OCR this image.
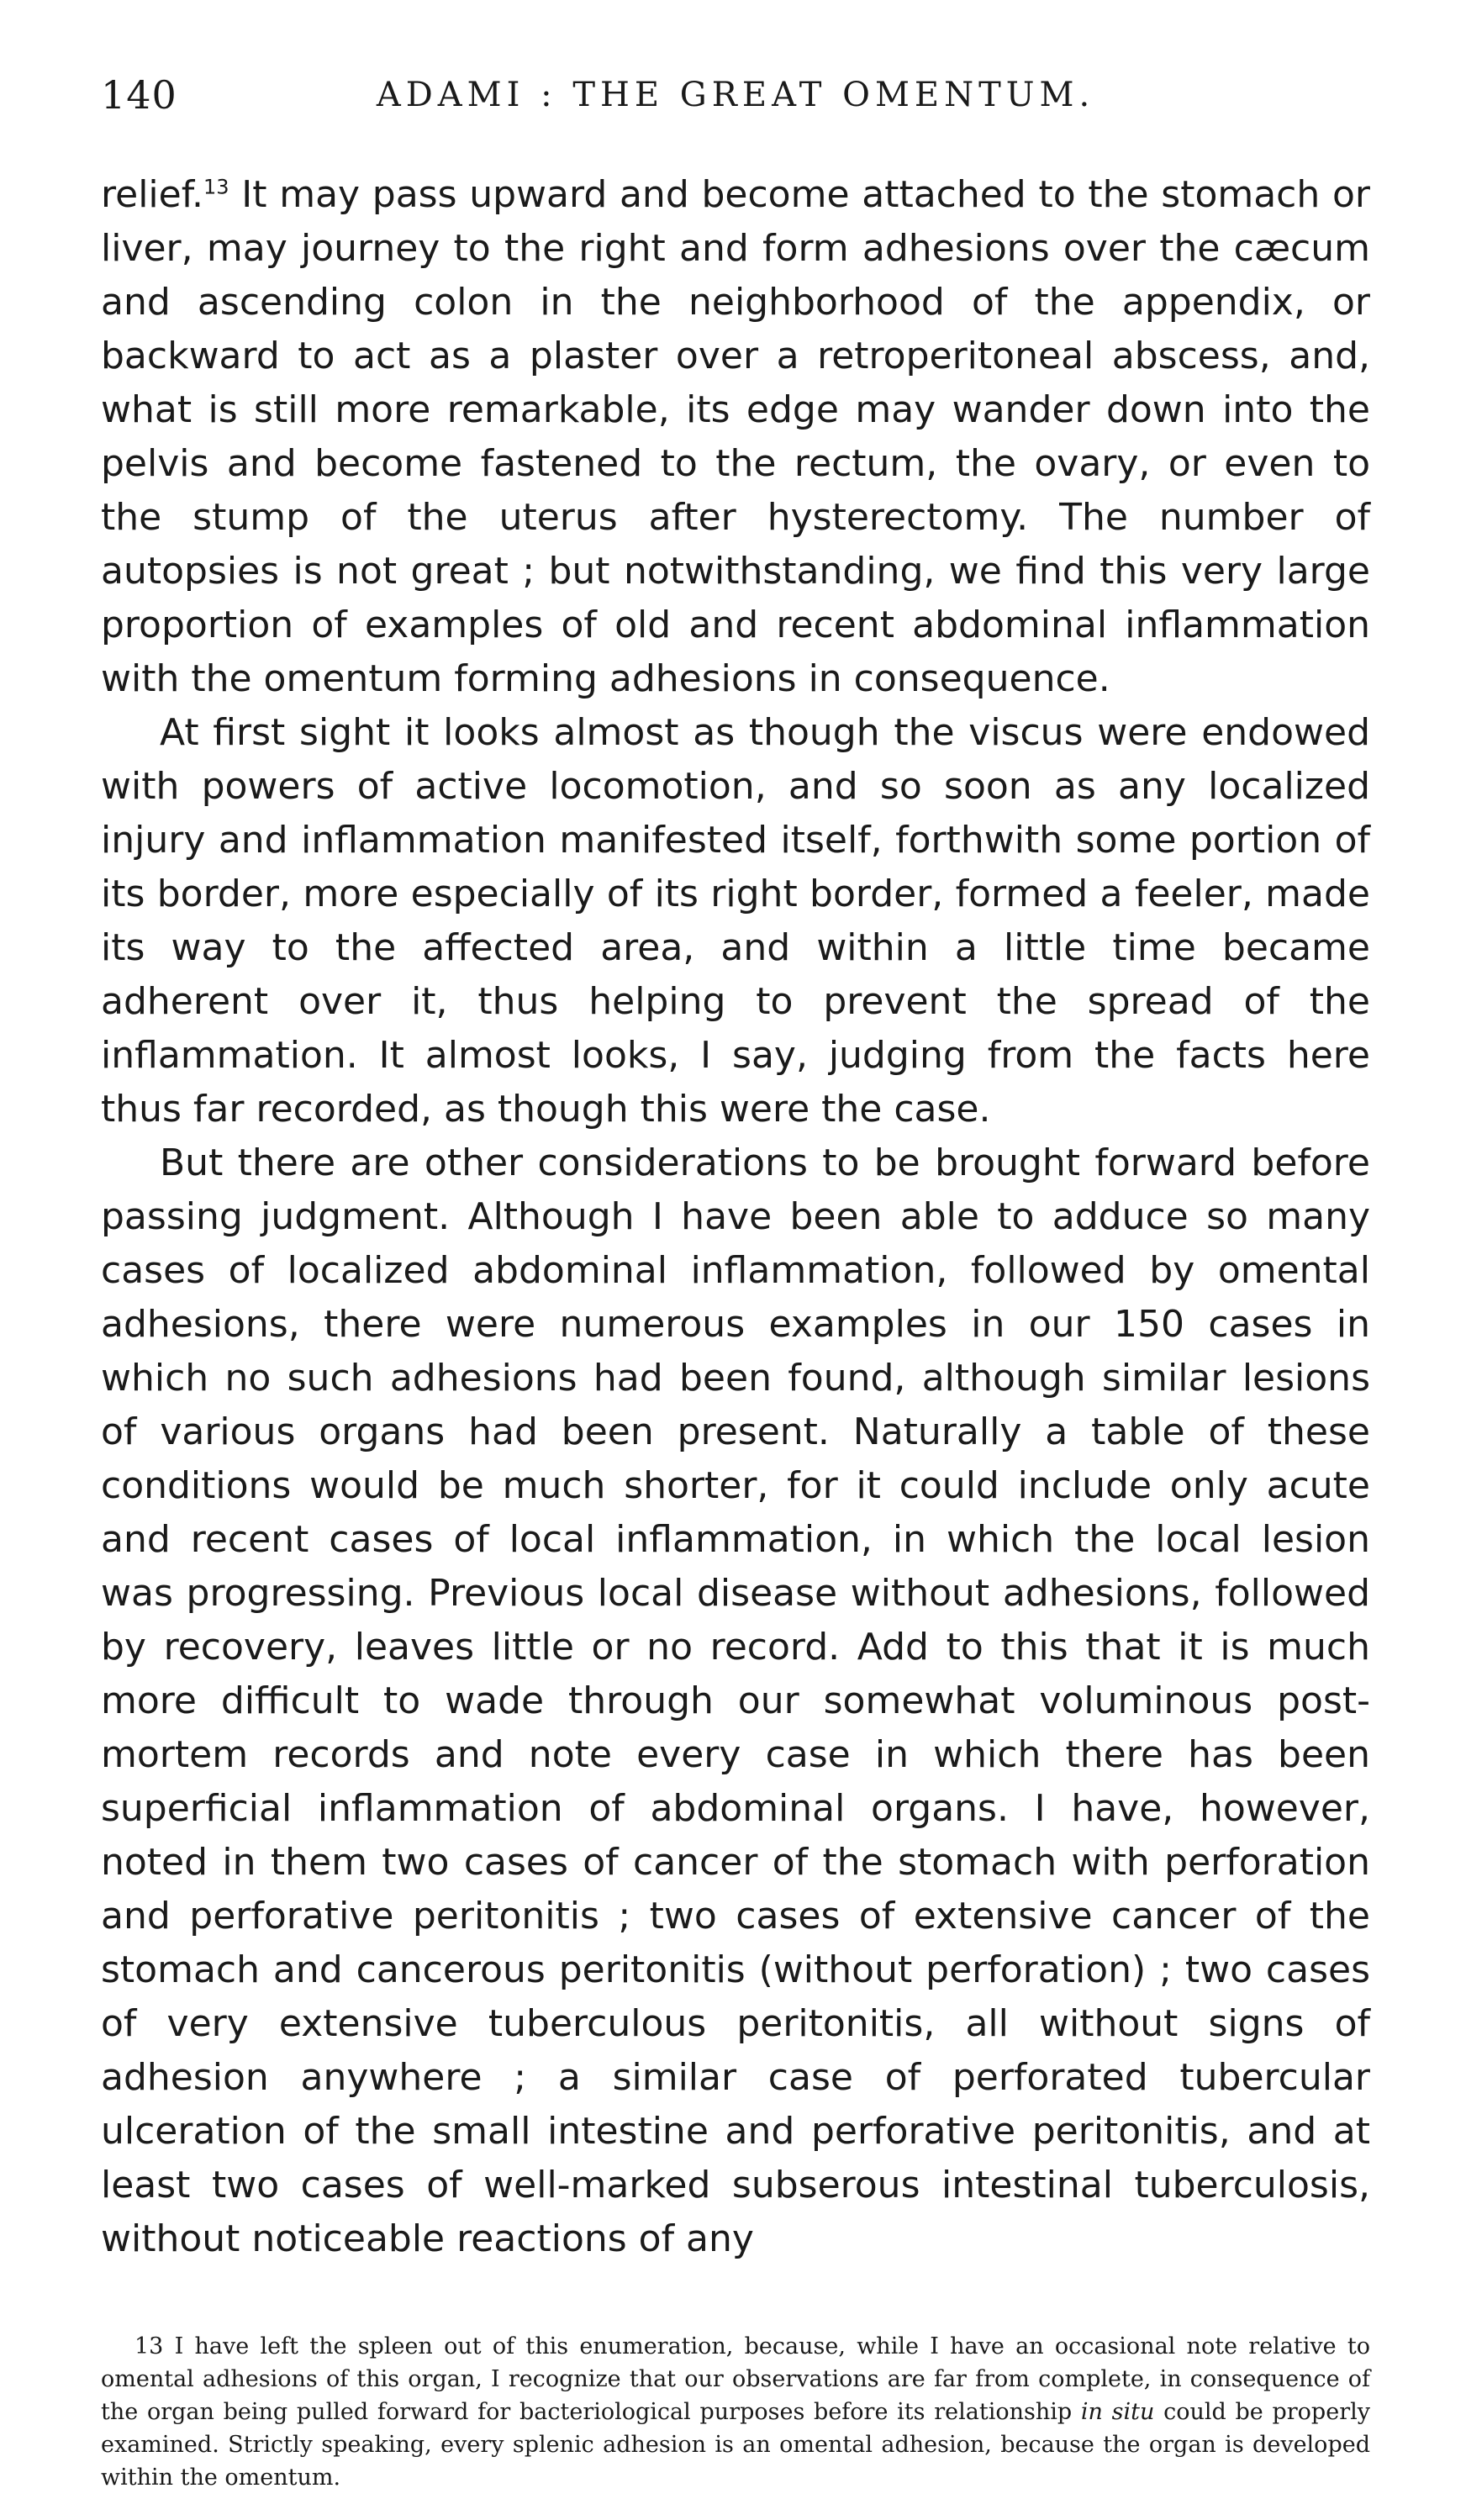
140	ADAMI : THE GREAT OMENTUM.

relief.$^{13}$ It may pass upward and become attached to the stomach or liver, may journey to the right and form adhesions over the cæcum and ascending colon in the neighborhood of the appendix, or backward to act as a plaster over a retroperitoneal abscess, and, what is still more remarkable, its edge may wander down into the pelvis and become fastened to the rectum, the ovary, or even to the stump of the uterus after hysterectomy. The number of autopsies is not great ; but notwithstanding, we find this very large proportion of examples of old and recent abdominal inflammation with the omentum forming adhesions in consequence.

At first sight it looks almost as though the viscus were endowed with powers of active locomotion, and so soon as any localized injury and inflammation manifested itself, forthwith some portion of its border, more especially of its right border, formed a feeler, made its way to the affected area, and within a little time became adherent over it, thus helping to prevent the spread of the inflammation. It almost looks, I say, judging from the facts here thus far recorded, as though this were the case.

But there are other considerations to be brought forward before passing judgment. Although I have been able to adduce so many cases of localized abdominal inflammation, followed by omental adhesions, there were numerous examples in our 150 cases in which no such adhesions had been found, although similar lesions of various organs had been present. Naturally a table of these conditions would be much shorter, for it could include only acute and recent cases of local inflammation, in which the local lesion was progressing. Previous local disease without adhesions, followed by recovery, leaves little or no record. Add to this that it is much more difficult to wade through our somewhat voluminous post-mortem records and note every case in which there has been superficial inflammation of abdominal organs. I have, however, noted in them two cases of cancer of the stomach with perforation and perforative peritonitis ; two cases of extensive cancer of the stomach and cancerous peritonitis (without perforation) ; two cases of very extensive tuberculous peritonitis, all without signs of adhesion anywhere ; a similar case of perforated tubercular ulceration of the small intestine and perforative peritonitis, and at least two cases of well-marked subserous intestinal tuberculosis, without noticeable reactions of any

13 I have left the spleen out of this enumeration, because, while I have an occasional note relative to omental adhesions of this organ, I recognize that our observations are far from complete, in consequence of the organ being pulled forward for bacteriological purposes before its relationship in situ could be properly examined. Strictly speaking, every splenic adhesion is an omental adhesion, because the organ is developed within the omentum.
